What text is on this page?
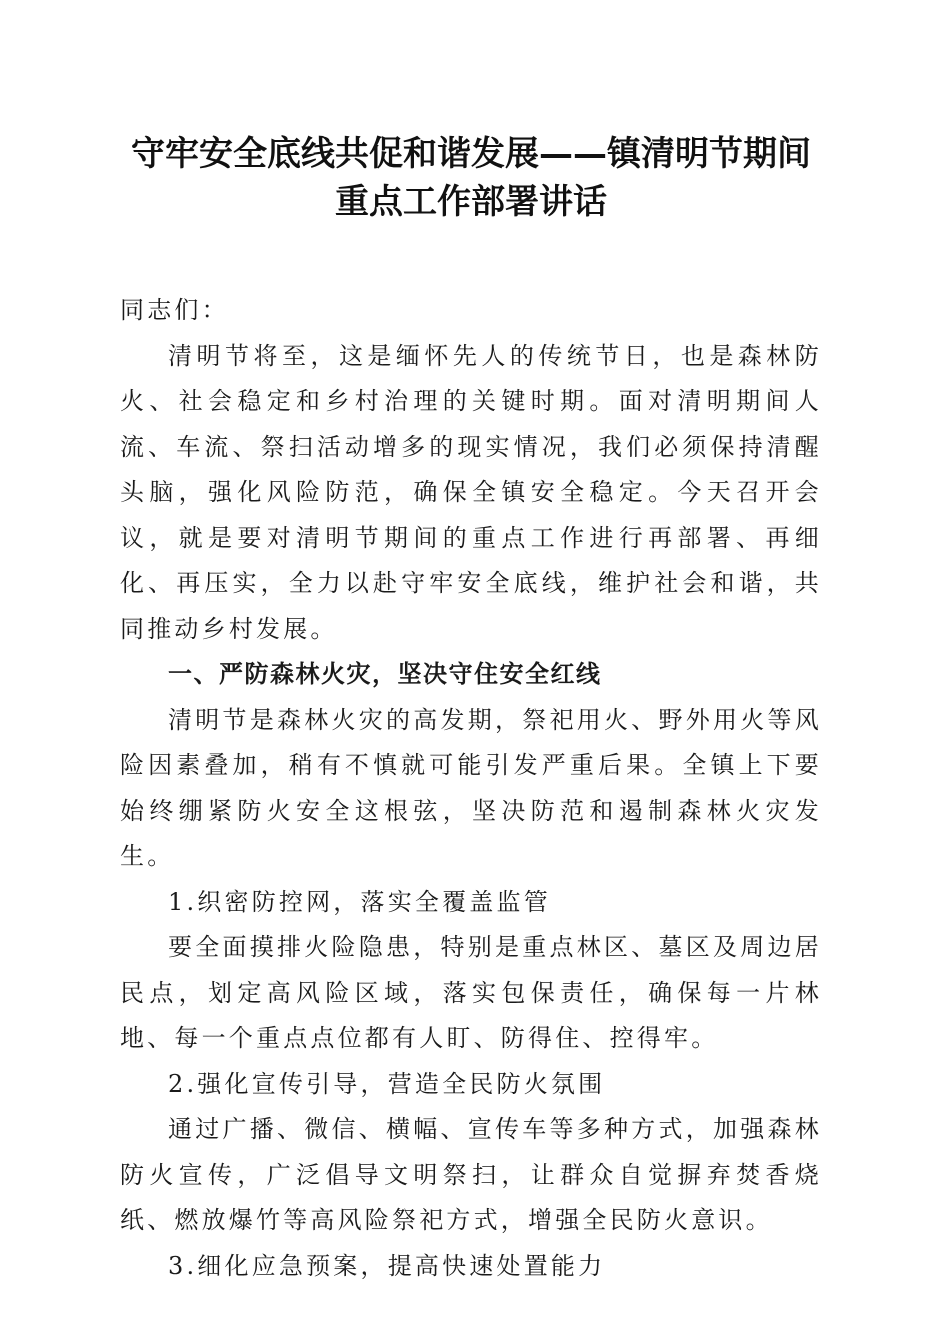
守牢安全底线共促和谐发展——镇清明节期间
重点工作部署讲话

同志们：

清明节将至，这是缅怀先人的传统节日，也是森林防火、社会稳定和乡村治理的关键时期。面对清明期间人流、车流、祭扫活动增多的现实情况，我们必须保持清醒头脑，强化风险防范，确保全镇安全稳定。今天召开会议，就是要对清明节期间的重点工作进行再部署、再细化、再压实，全力以赴守牢安全底线，维护社会和谐，共同推动乡村发展。

一、严防森林火灾，坚决守住安全红线

清明节是森林火灾的高发期，祭祀用火、野外用火等风险因素叠加，稍有不慎就可能引发严重后果。全镇上下要始终绷紧防火安全这根弦，坚决防范和遏制森林火灾发生。

1.织密防控网，落实全覆盖监管

要全面摸排火险隐患，特别是重点林区、墓区及周边居民点，划定高风险区域，落实包保责任，确保每一片林地、每一个重点点位都有人盯、防得住、控得牢。

2.强化宣传引导，营造全民防火氛围

通过广播、微信、横幅、宣传车等多种方式，加强森林防火宣传，广泛倡导文明祭扫，让群众自觉摒弃焚香烧纸、燃放爆竹等高风险祭祀方式，增强全民防火意识。

3.细化应急预案，提高快速处置能力
